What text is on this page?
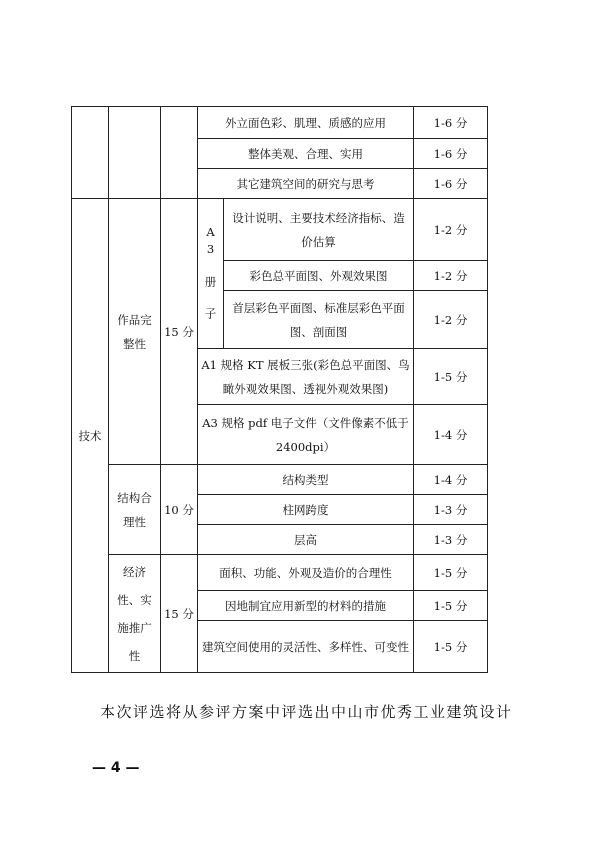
			外立面色彩、肌理、质感的应用		1-6 分
			整体美观、合理、实用		1-6 分
			其它建筑空间的研究与思考		1-6 分
技术	作品完整性	15 分	A3 册 子	设计说明、主要技术经济指标、造价估算	1-2 分
				彩色总平面图、外观效果图	1-2 分
				首层彩色平面图、标准层彩色平面图、剖面图	1-2 分
			A1 规格 KT 展板三张(彩色总平面图、鸟瞰外观效果图、透视外观效果图)		1-5 分
			A3 规格 pdf 电子文件（文件像素不低于 2400dpi）		1-4 分
	结构合理性	10 分	结构类型		1-4 分
			柱网跨度		1-3 分
			层高		1-3 分
	经济性、实施推广性	15 分	面积、功能、外观及造价的合理性		1-5 分
			因地制宜应用新型的材料的措施		1-5 分
			建筑空间使用的灵活性、多样性、可变性		1-5 分
本次评选将从参评方案中评选出中山市优秀工业建筑设计
— 4 —
